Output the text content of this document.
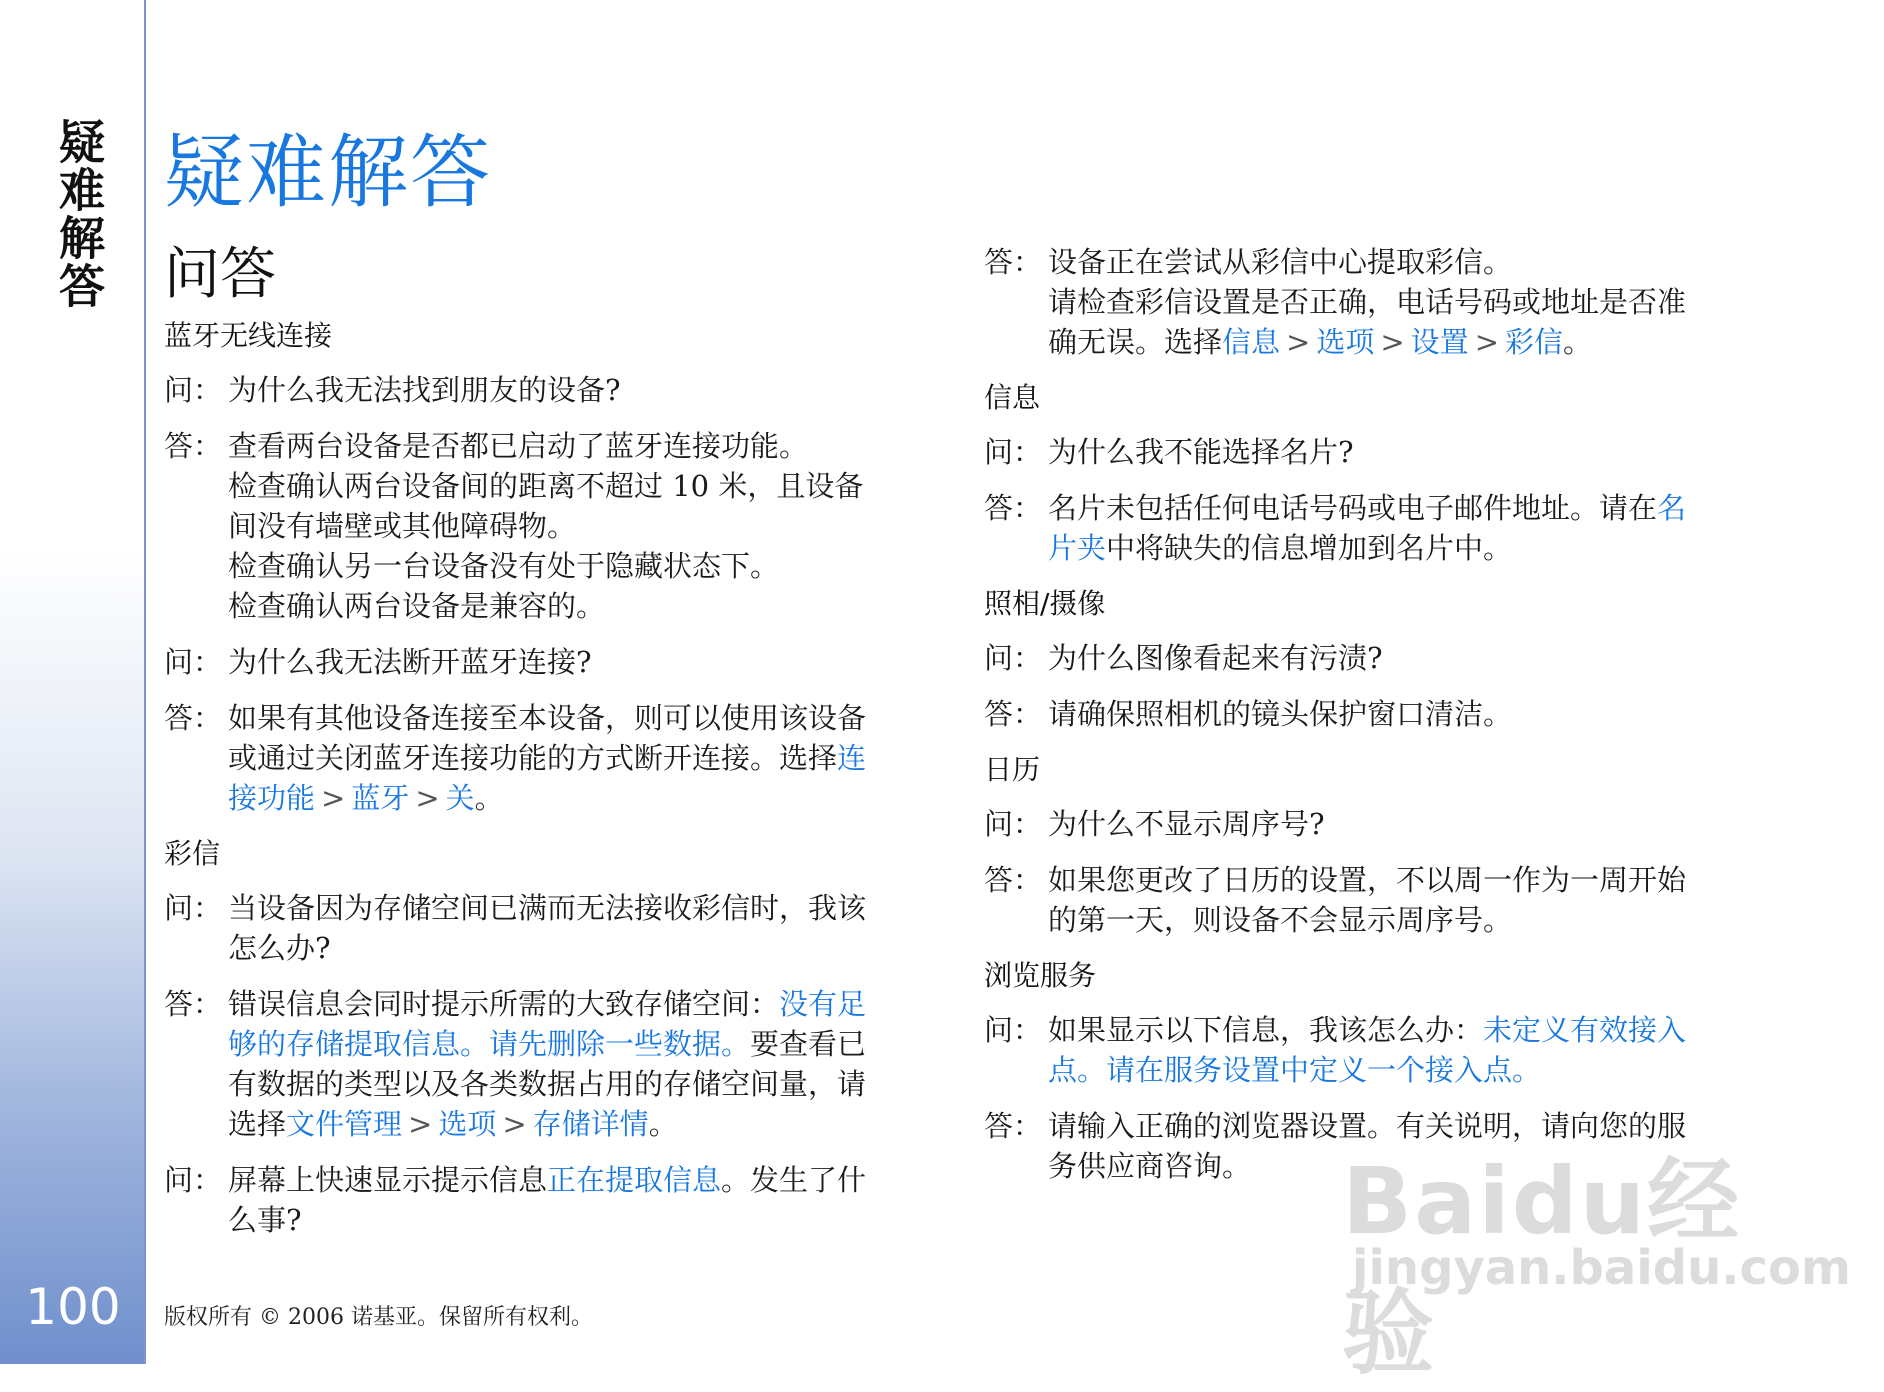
疑难解答
100
疑难解答
问答
蓝牙无线连接
问： 为什么我无法找到朋友的设备?
答： 查看两台设备是否都已启动了蓝牙连接功能。
检查确认两台设备间的距离不超过 10 米，且设备
间没有墙壁或其他障碍物。
检查确认另一台设备没有处于隐藏状态下。
检查确认两台设备是兼容的。
问： 为什么我无法断开蓝牙连接?
答： 如果有其他设备连接至本设备，则可以使用该设备
或通过关闭蓝牙连接功能的方式断开连接。选择连
接功能 > 蓝牙 > 关。
彩信
问： 当设备因为存储空间已满而无法接收彩信时，我该
怎么办?
答： 错误信息会同时提示所需的大致存储空间：没有足
够的存储提取信息。请先删除一些数据。要查看已
有数据的类型以及各类数据占用的存储空间量，请
选择文件管理 > 选项 > 存储详情。
问： 屏幕上快速显示提示信息正在提取信息。发生了什
么事?
答： 设备正在尝试从彩信中心提取彩信。
请检查彩信设置是否正确，电话号码或地址是否准
确无误。选择信息 > 选项 > 设置 > 彩信。
信息
问： 为什么我不能选择名片?
答： 名片未包括任何电话号码或电子邮件地址。请在名
片夹中将缺失的信息增加到名片中。
照相/摄像
问： 为什么图像看起来有污渍?
答： 请确保照相机的镜头保护窗口清洁。
日历
问： 为什么不显示周序号?
答： 如果您更改了日历的设置，不以周一作为一周开始
的第一天，则设备不会显示周序号。
浏览服务
问： 如果显示以下信息，我该怎么办：未定义有效接入
点。请在服务设置中定义一个接入点。
答： 请输入正确的浏览器设置。有关说明，请向您的服
务供应商咨询。
版权所有 © 2006 诺基亚。保留所有权利。
Baidu经验
jingyan.baidu.com
